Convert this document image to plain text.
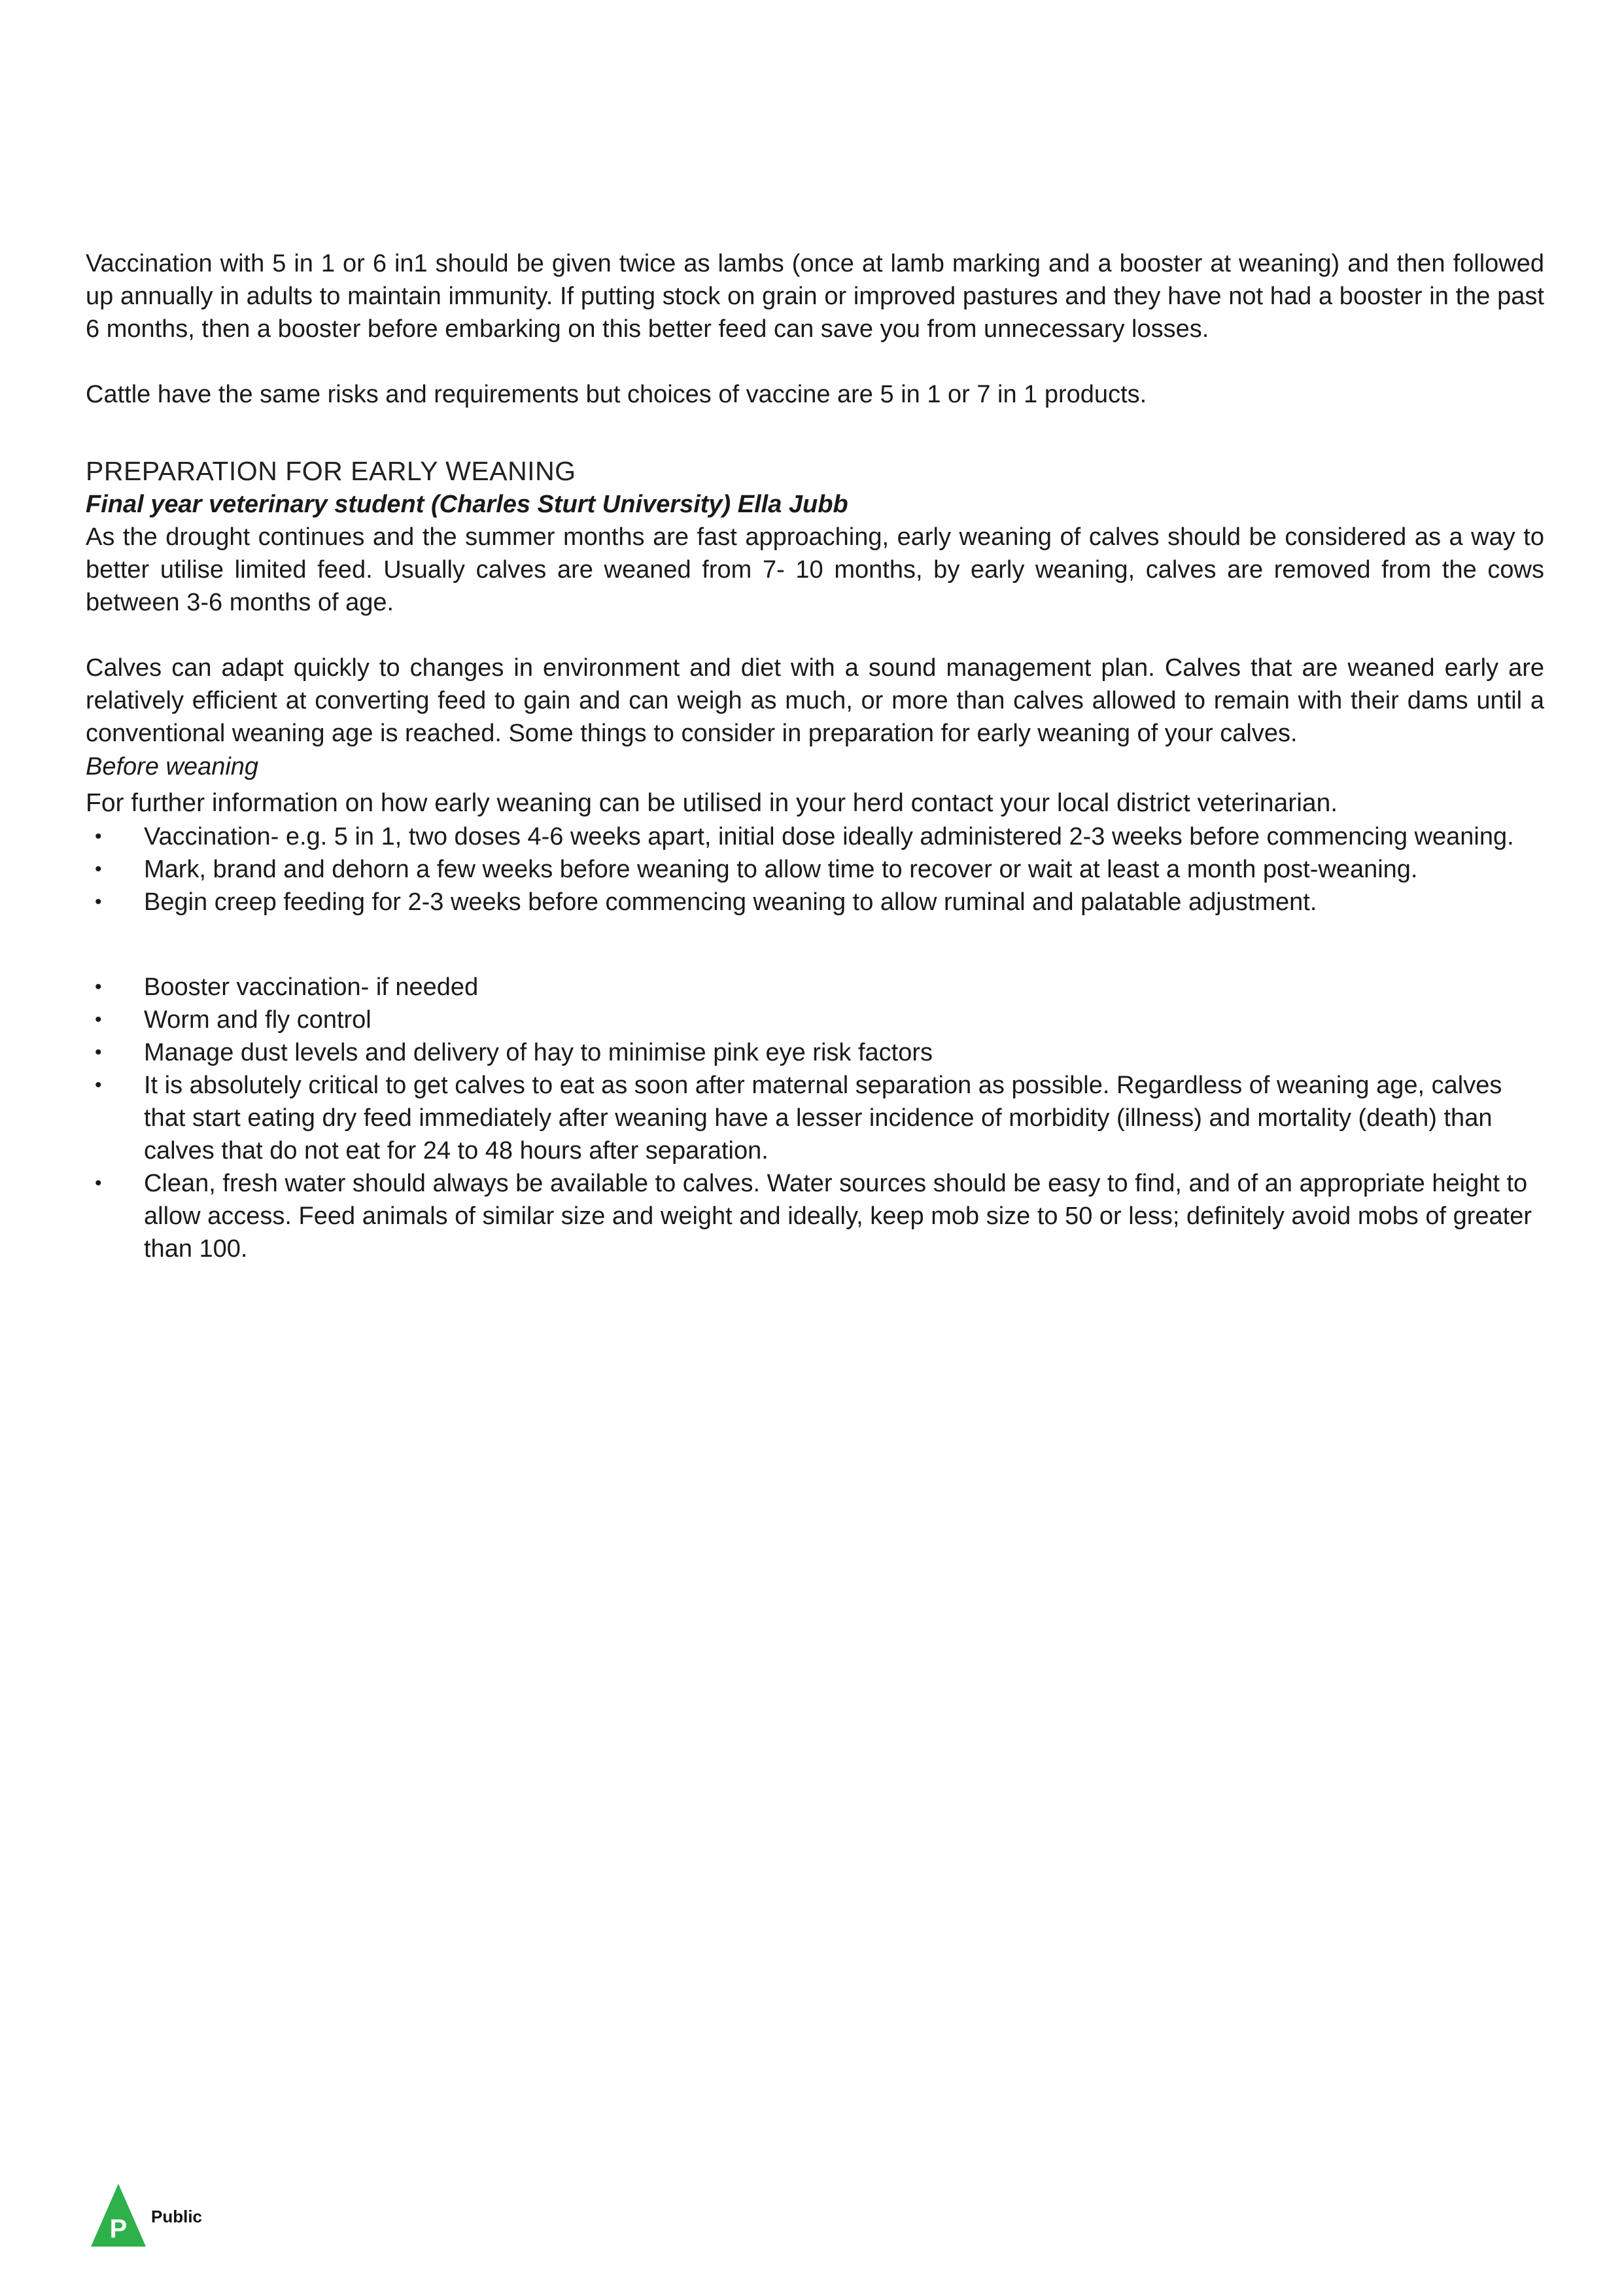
Vaccination with 5 in 1 or 6 in1 should be given twice as lambs (once at lamb marking and a booster at weaning) and then followed up annually in adults to maintain immunity. If putting stock on grain or improved pastures and they have not had a booster in the past 6 months, then a booster before embarking on this better feed can save you from unnecessary losses.

Cattle have the same risks and requirements but choices of vaccine are 5 in 1 or 7 in 1 products.

PREPARATION FOR EARLY WEANING

Final year veterinary student (Charles Sturt University) Ella Jubb

As the drought continues and the summer months are fast approaching, early weaning of calves should be considered as a way to better utilise limited feed. Usually calves are weaned from 7- 10 months, by early weaning, calves are removed from the cows between 3-6 months of age.

Calves can adapt quickly to changes in environment and diet with a sound management plan. Calves that are weaned early are relatively efficient at converting feed to gain and can weigh as much, or more than calves allowed to remain with their dams until a conventional weaning age is reached. Some things to consider in preparation for early weaning of your calves.

Before weaning

For further information on how early weaning can be utilised in your herd contact your local district veterinarian.

• Vaccination- e.g. 5 in 1, two doses 4-6 weeks apart, initial dose ideally administered 2-3 weeks before commencing weaning.
• Mark, brand and dehorn a few weeks before weaning to allow time to recover or wait at least a month post-weaning.
• Begin creep feeding for 2-3 weeks before commencing weaning to allow ruminal and palatable adjustment.
• Booster vaccination- if needed
• Worm and fly control
• Manage dust levels and delivery of hay to minimise pink eye risk factors
• It is absolutely critical to get calves to eat as soon after maternal separation as possible. Regardless of weaning age, calves that start eating dry feed immediately after weaning have a lesser incidence of morbidity (illness) and mortality (death) than calves that do not eat for 24 to 48 hours after separation.
• Clean, fresh water should always be available to calves. Water sources should be easy to find, and of an appropriate height to allow access. Feed animals of similar size and weight and ideally, keep mob size to 50 or less; definitely avoid mobs of greater than 100.
P Public
